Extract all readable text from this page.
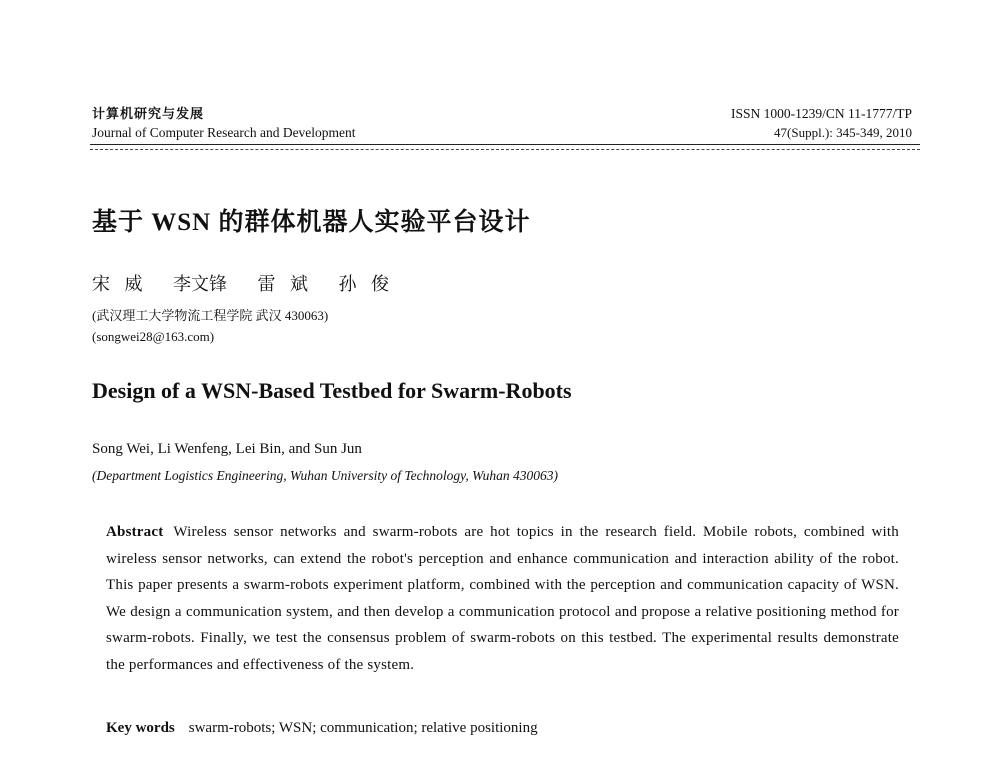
计算机研究与发展
Journal of Computer Research and Development
ISSN 1000-1239/CN 11-1777/TP
47(Suppl.): 345-349, 2010
基于 WSN 的群体机器人实验平台设计
宋 威 李文锋 雷 斌 孙 俊
(武汉理工大学物流工程学院 武汉 430063)
(songwei28@163.com)
Design of a WSN-Based Testbed for Swarm-Robots
Song Wei, Li Wenfeng, Lei Bin, and Sun Jun
(Department Logistics Engineering, Wuhan University of Technology, Wuhan 430063)
Abstract Wireless sensor networks and swarm-robots are hot topics in the research field. Mobile robots, combined with wireless sensor networks, can extend the robot's perception and enhance communication and interaction ability of the robot. This paper presents a swarm-robots experiment platform, combined with the perception and communication capacity of WSN. We design a communication system, and then develop a communication protocol and propose a relative positioning method for swarm-robots. Finally, we test the consensus problem of swarm-robots on this testbed. The experimental results demonstrate the performances and effectiveness of the system.
Key words swarm-robots; WSN; communication; relative positioning
